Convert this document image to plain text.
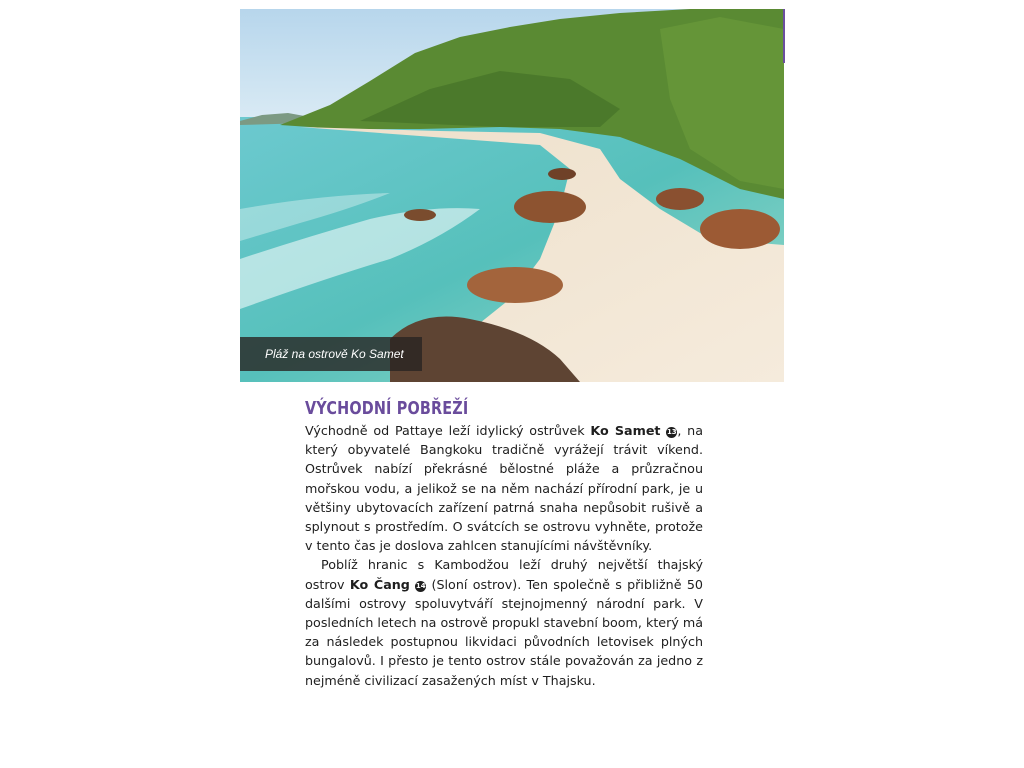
Pláž na ostrově Ko Samet
VÝCHODNÍ POBŘEŽÍ

Východně od Pattaye leží idylický ostrůvek Ko Samet 13, na který obyvatelé Bangkoku tradičně vyrážejí trávit víkend. Ostrůvek nabízí překrásné bělostné pláže a průzračnou mořskou vodu, a jelikož se na něm nachází přírodní park, je u většiny ubytovacích zařízení patrná snaha nepůsobit rušivě a splynout s prostředím. O svátcích se ostrovu vyhněte, protože v tento čas je doslova zahlcen stanujícími návštěvníky.

Poblíž hranic s Kambodžou leží druhý největší thajský ostrov Ko Čang 14 (Sloní ostrov). Ten společně s přibližně 50 dalšími ostrovy spoluvytváří stejnojmenný národní park. V posledních letech na ostrově propukl stavební boom, který má za následek postupnou likvidaci původních letovisek plných bungalovů. I přesto je tento ostrov stále považován za jedno z nejméně civilizací zasažených míst v Thajsku.
